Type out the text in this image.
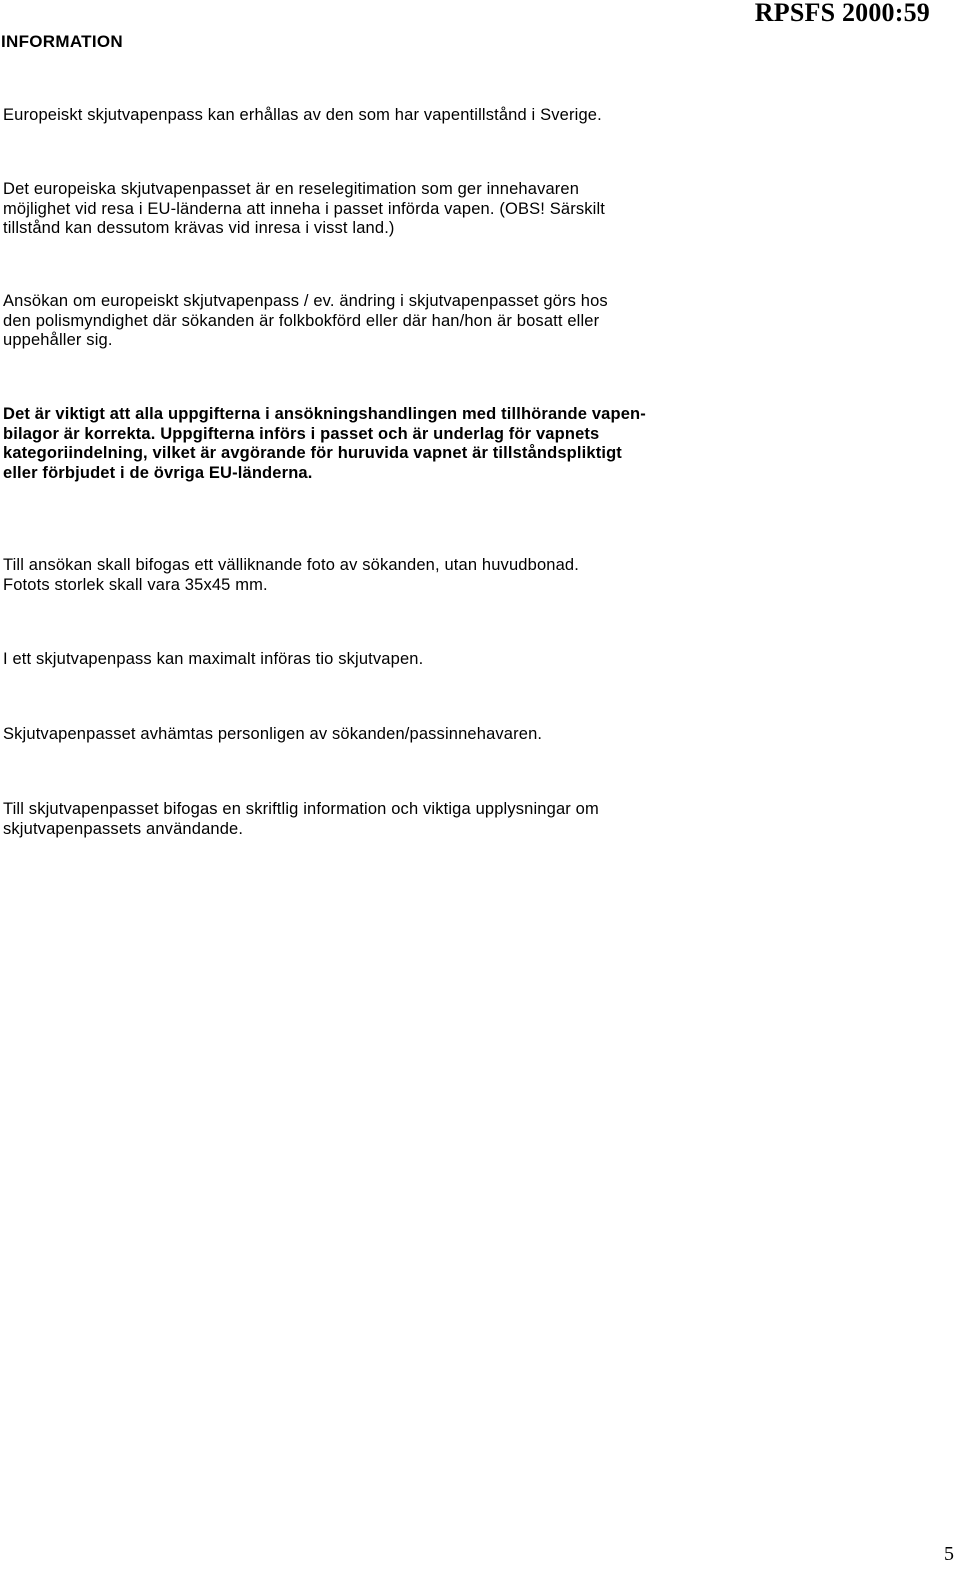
RPSFS 2000:59
INFORMATION

Europeiskt skjutvapenpass kan erhållas av den som har vapentillstånd i Sverige.

Det europeiska skjutvapenpasset är en reselegitimation som ger innehavaren
möjlighet vid resa i EU-länderna att inneha i passet införda vapen. (OBS! Särskilt
tillstånd kan dessutom krävas vid inresa i visst land.)

Ansökan om europeiskt skjutvapenpass / ev. ändring i skjutvapenpasset görs hos
den polismyndighet där sökanden är folkbokförd eller där han/hon är bosatt eller
uppehåller sig.

Det är viktigt att alla uppgifterna i ansökningshandlingen med tillhörande vapen-
bilagor är korrekta. Uppgifterna införs i passet och är underlag för vapnets
kategoriindelning, vilket är avgörande för huruvida vapnet är tillståndspliktigt
eller förbjudet i de övriga EU-länderna.

Till ansökan skall bifogas ett välliknande foto av sökanden, utan huvudbonad.
Fotots storlek skall vara 35x45 mm.

I ett skjutvapenpass kan maximalt införas tio skjutvapen.

Skjutvapenpasset avhämtas personligen av sökanden/passinnehavaren.

Till skjutvapenpasset bifogas en skriftlig information och viktiga upplysningar om
skjutvapenpassets användande.

5
